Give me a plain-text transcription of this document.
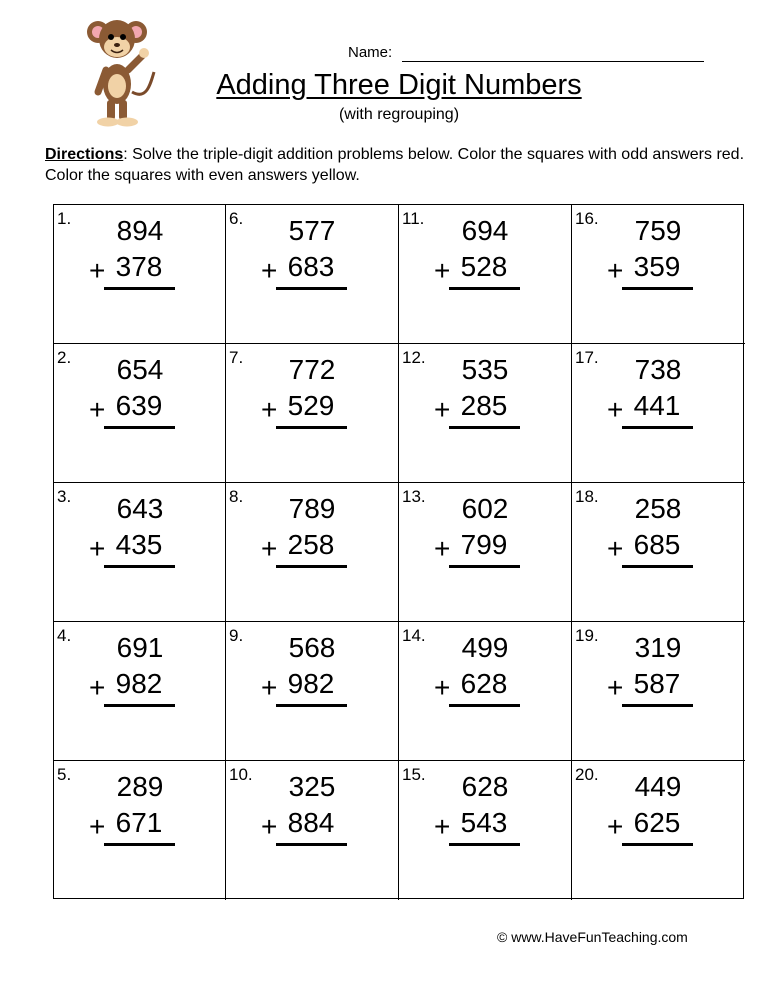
Name:
Adding Three Digit Numbers
(with regrouping)
Directions: Solve the triple-digit addition problems below. Color the squares with odd answers red. Color the squares with even answers yellow.
1.	894
+ 378
2.	654
+ 639
3.	643
+ 435
4.	691
+ 982
5.	289
+ 671
6.	577
+ 683
7.	772
+ 529
8.	789
+ 258
9.	568
+ 982
10.	325
+ 884
11.	694
+ 528
12.	535
+ 285
13.	602
+ 799
14.	499
+ 628
15.	628
+ 543
16.	759
+ 359
17.	738
+ 441
18.	258
+ 685
19.	319
+ 587
20.	449
+ 625
© www.HaveFunTeaching.com
